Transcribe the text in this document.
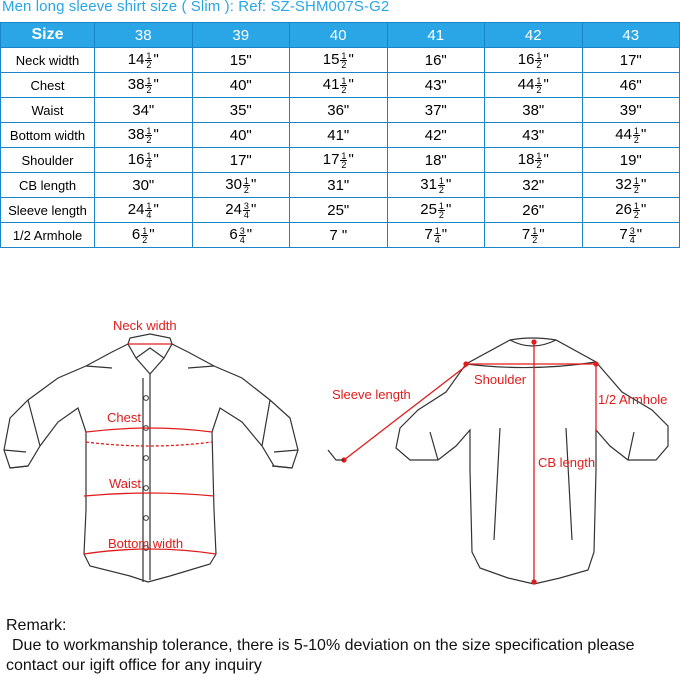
Men long sleeve shirt size ( Slim ): Ref: SZ-SHM007S-G2
Size	38	39	40	41	42	43
Neck width	$14 \frac{1}{2}$ "	15"	$15 \frac{1}{2}$ "	16"	$16 \frac{1}{2}$ "	17"
Chest	$38 \frac{1}{2}$ "	40"	$41 \frac{1}{2}$ "	43"	$44 \frac{1}{2}$ "	46"
Waist	34"	35"	36"	37"	38"	39"
Bottom width	$38 \frac{1}{2}$ "	40"	41"	42"	43"	$44 \frac{1}{2}$ "
Shoulder	$16 \frac{1}{4}$ "	17"	$17 \frac{1}{2}$ "	18"	$18 \frac{1}{2}$ "	19"
CB length	30"	$30 \frac{1}{2}$ "	31"	$31 \frac{1}{2}$ "	32"	$32 \frac{1}{2}$ "
Sleeve length	$24 \frac{1}{4}$ "	$24 \frac{3}{4}$ "	25"	$25 \frac{1}{2}$ "	26"	$26 \frac{1}{2}$ "
1/2 Armhole	$6 \frac{1}{2}$ "	$6 \frac{3}{4}$ "	7 "	$7 \frac{1}{4}$ "	$7 \frac{1}{2}$ "	$7 \frac{3}{4}$ "
Neck width
Chest
Waist
Bottom width
Sleeve length
Shoulder
1/2 Armhole
CB length
Remark:
Due to workmanship tolerance, there is 5-10% deviation on the size specification please
contact our igift office for any inquiry
